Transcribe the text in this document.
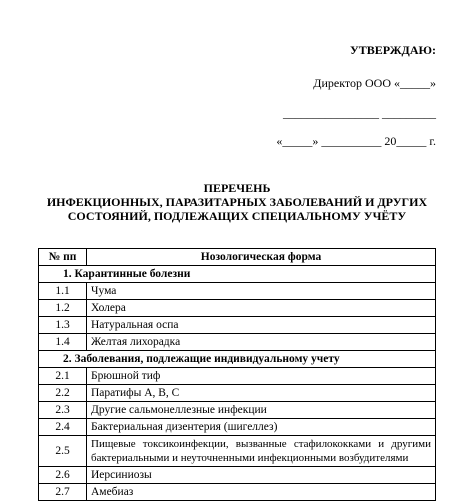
УТВЕРЖДАЮ:
Директор ООО «_____»
________________ _________
«_____» __________ 20_____ г.
ПЕРЕЧЕНЬ
ИНФЕКЦИОННЫХ, ПАРАЗИТАРНЫХ ЗАБОЛЕВАНИЙ И ДРУГИХ
СОСТОЯНИЙ, ПОДЛЕЖАЩИХ СПЕЦИАЛЬНОМУ УЧЁТУ
№ пп	Нозологическая форма
1. Карантинные болезни	
1.1	Чума
1.2	Холера
1.3	Натуральная оспа
1.4	Желтая лихорадка
2. Заболевания, подлежащие индивидуальному учету	
2.1	Брюшной тиф
2.2	Паратифы A, B, C
2.3	Другие сальмонеллезные инфекции
2.4	Бактериальная дизентерия (шигеллез)
2.5	Пищевые токсикоинфекции, вызванные стафилококками и другими
бактериальными и неуточненными инфекционными возбудителями

2.6	Иерсиниозы
2.7	Амебиаз
